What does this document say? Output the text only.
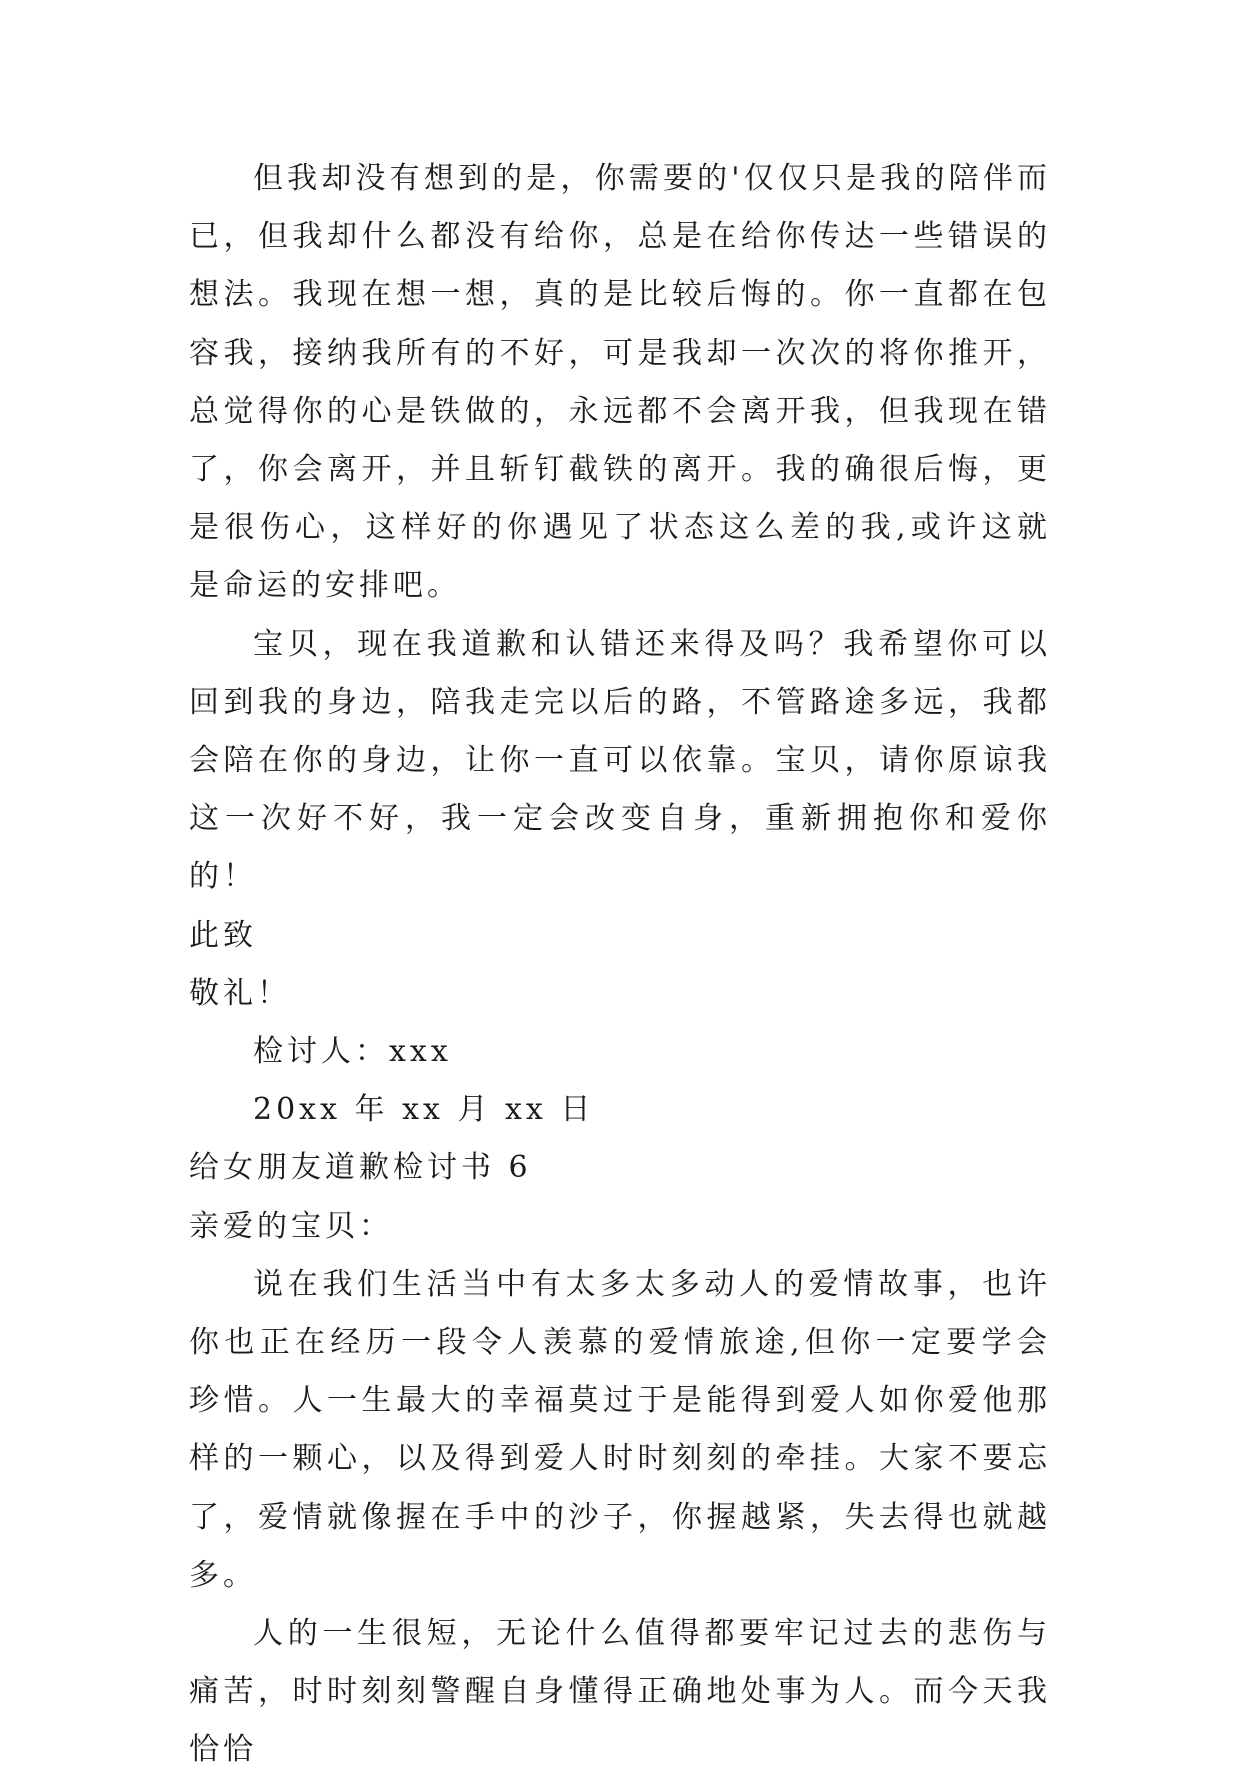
但我却没有想到的是，你需要的'仅仅只是我的陪伴而已，但我却什么都没有给你，总是在给你传达一些错误的想法。我现在想一想，真的是比较后悔的。你一直都在包容我，接纳我所有的不好，可是我却一次次的将你推开，总觉得你的心是铁做的，永远都不会离开我，但我现在错了，你会离开，并且斩钉截铁的离开。我的确很后悔，更是很伤心，这样好的你遇见了状态这么差的我,或许这就是命运的安排吧。

宝贝，现在我道歉和认错还来得及吗？我希望你可以回到我的身边，陪我走完以后的路，不管路途多远，我都会陪在你的身边，让你一直可以依靠。宝贝，请你原谅我这一次好不好，我一定会改变自身，重新拥抱你和爱你的！

此致

敬礼！

检讨人：xxx

20xx 年 xx 月 xx 日

给女朋友道歉检讨书 6

亲爱的宝贝：

说在我们生活当中有太多太多动人的爱情故事，也许你也正在经历一段令人羡慕的爱情旅途,但你一定要学会珍惜。人一生最大的幸福莫过于是能得到爱人如你爱他那样的一颗心，以及得到爱人时时刻刻的牵挂。大家不要忘了，爱情就像握在手中的沙子，你握越紧，失去得也就越多。

人的一生很短，无论什么值得都要牢记过去的悲伤与痛苦，时时刻刻警醒自身懂得正确地处事为人。而今天我恰恰
